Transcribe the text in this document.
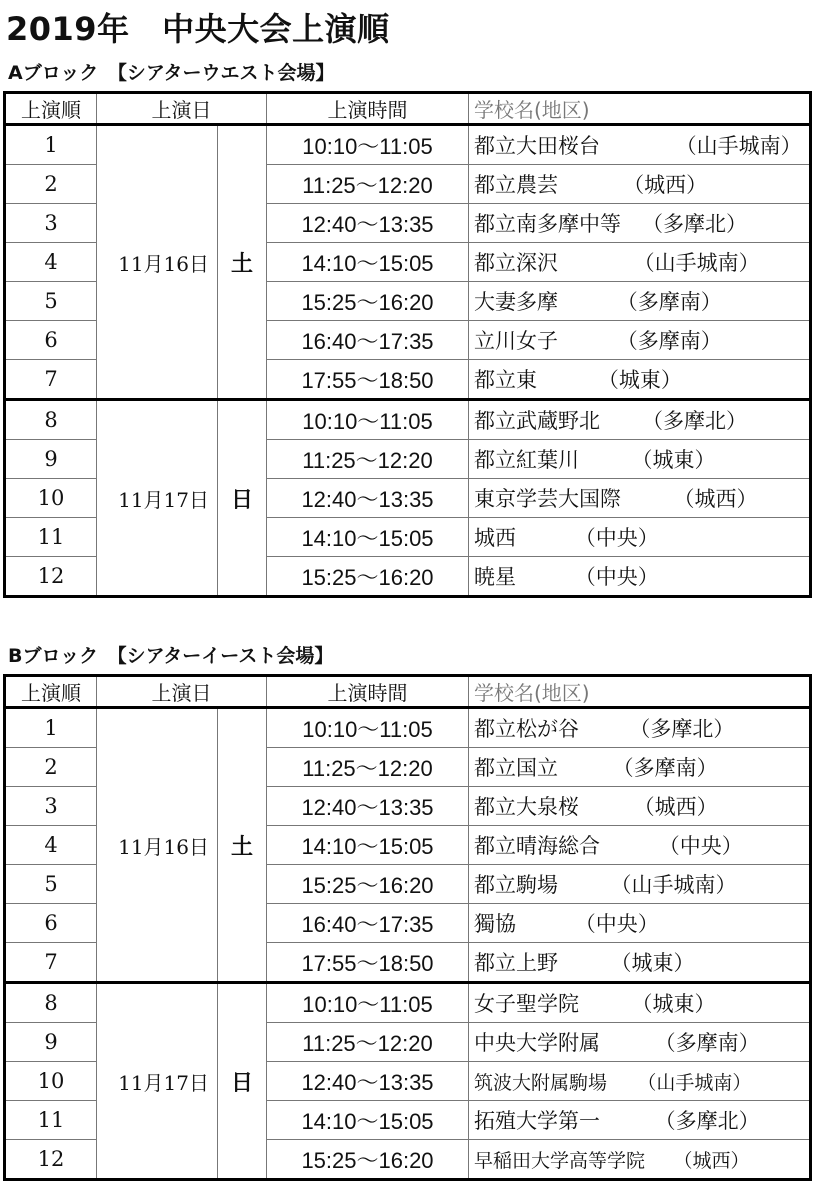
2019年　中央大会上演順
Aブロック　【シアターウエスト会場】
上演順	上演日		上演時間	学校名(地区)
1	11月16日	土	10:10〜11:05	都立大田桜台 （山手城南）
2			11:25〜12:20	都立農芸 （城西）
3			12:40〜13:35	都立南多摩中等 （多摩北）
4			14:10〜15:05	都立深沢 （山手城南）
5			15:25〜16:20	大妻多摩 （多摩南）
6			16:40〜17:35	立川女子 （多摩南）
7			17:55〜18:50	都立東 （城東）
8	11月17日	日	10:10〜11:05	都立武蔵野北 （多摩北）
9			11:25〜12:20	都立紅葉川 （城東）
10			12:40〜13:35	東京学芸大国際 （城西）
11			14:10〜15:05	城西 （中央）
12			15:25〜16:20	暁星 （中央）
Bブロック　【シアターイースト会場】
上演順	上演日		上演時間	学校名(地区)
1	11月16日	土	10:10〜11:05	都立松が谷 （多摩北）
2			11:25〜12:20	都立国立 （多摩南）
3			12:40〜13:35	都立大泉桜 （城西）
4			14:10〜15:05	都立晴海総合 （中央）
5			15:25〜16:20	都立駒場 （山手城南）
6			16:40〜17:35	獨協 （中央）
7			17:55〜18:50	都立上野 （城東）
8	11月17日	日	10:10〜11:05	女子聖学院 （城東）
9			11:25〜12:20	中央大学附属 （多摩南）
10			12:40〜13:35	筑波大附属駒場 （山手城南）
11			14:10〜15:05	拓殖大学第一 （多摩北）
12			15:25〜16:20	早稲田大学高等学院 （城西）
